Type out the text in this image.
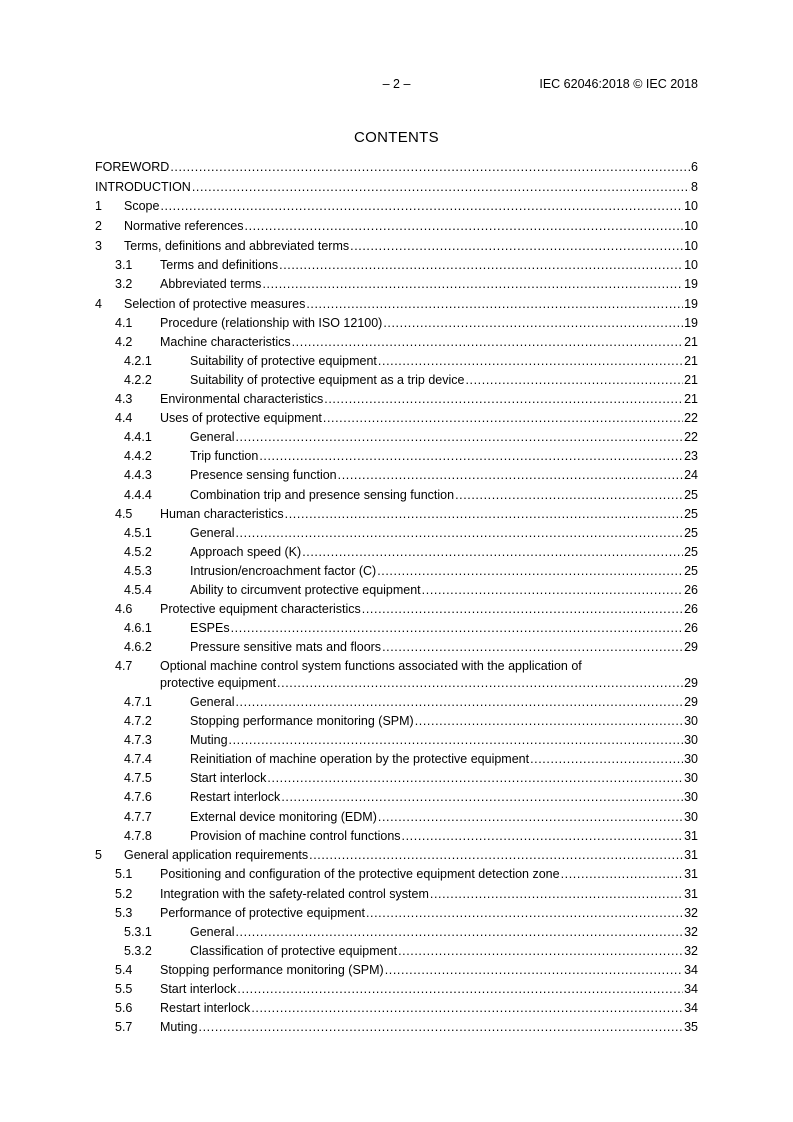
– 2 –	IEC 62046:2018 © IEC 2018
CONTENTS
FOREWORD .....	6
INTRODUCTION .....	8
1	Scope .....	10
2	Normative references .....	10
3	Terms, definitions and abbreviated terms .....	10
3.1	Terms and definitions .....	10
3.2	Abbreviated terms .....	19
4	Selection of protective measures .....	19
4.1	Procedure (relationship with ISO 12100) .....	19
4.2	Machine characteristics .....	21
4.2.1	Suitability of protective equipment .....	21
4.2.2	Suitability of protective equipment as a trip device .....	21
4.3	Environmental characteristics .....	21
4.4	Uses of protective equipment .....	22
4.4.1	General .....	22
4.4.2	Trip function .....	23
4.4.3	Presence sensing function .....	24
4.4.4	Combination trip and presence sensing function .....	25
4.5	Human characteristics .....	25
4.5.1	General .....	25
4.5.2	Approach speed (K) .....	25
4.5.3	Intrusion/encroachment factor (C) .....	25
4.5.4	Ability to circumvent protective equipment .....	26
4.6	Protective equipment characteristics .....	26
4.6.1	ESPEs .....	26
4.6.2	Pressure sensitive mats and floors .....	29
4.7	Optional machine control system functions associated with the application of
protective equipment .....	29
4.7.1	General .....	29
4.7.2	Stopping performance monitoring (SPM) .....	30
4.7.3	Muting .....	30
4.7.4	Reinitiation of machine operation by the protective equipment .....	30
4.7.5	Start interlock .....	30
4.7.6	Restart interlock .....	30
4.7.7	External device monitoring (EDM) .....	30
4.7.8	Provision of machine control functions .....	31
5	General application requirements .....	31
5.1	Positioning and configuration of the protective equipment detection zone .....	31
5.2	Integration with the safety-related control system .....	31
5.3	Performance of protective equipment .....	32
5.3.1	General .....	32
5.3.2	Classification of protective equipment .....	32
5.4	Stopping performance monitoring (SPM) .....	34
5.5	Start interlock .....	34
5.6	Restart interlock .....	34
5.7	Muting .....	35
